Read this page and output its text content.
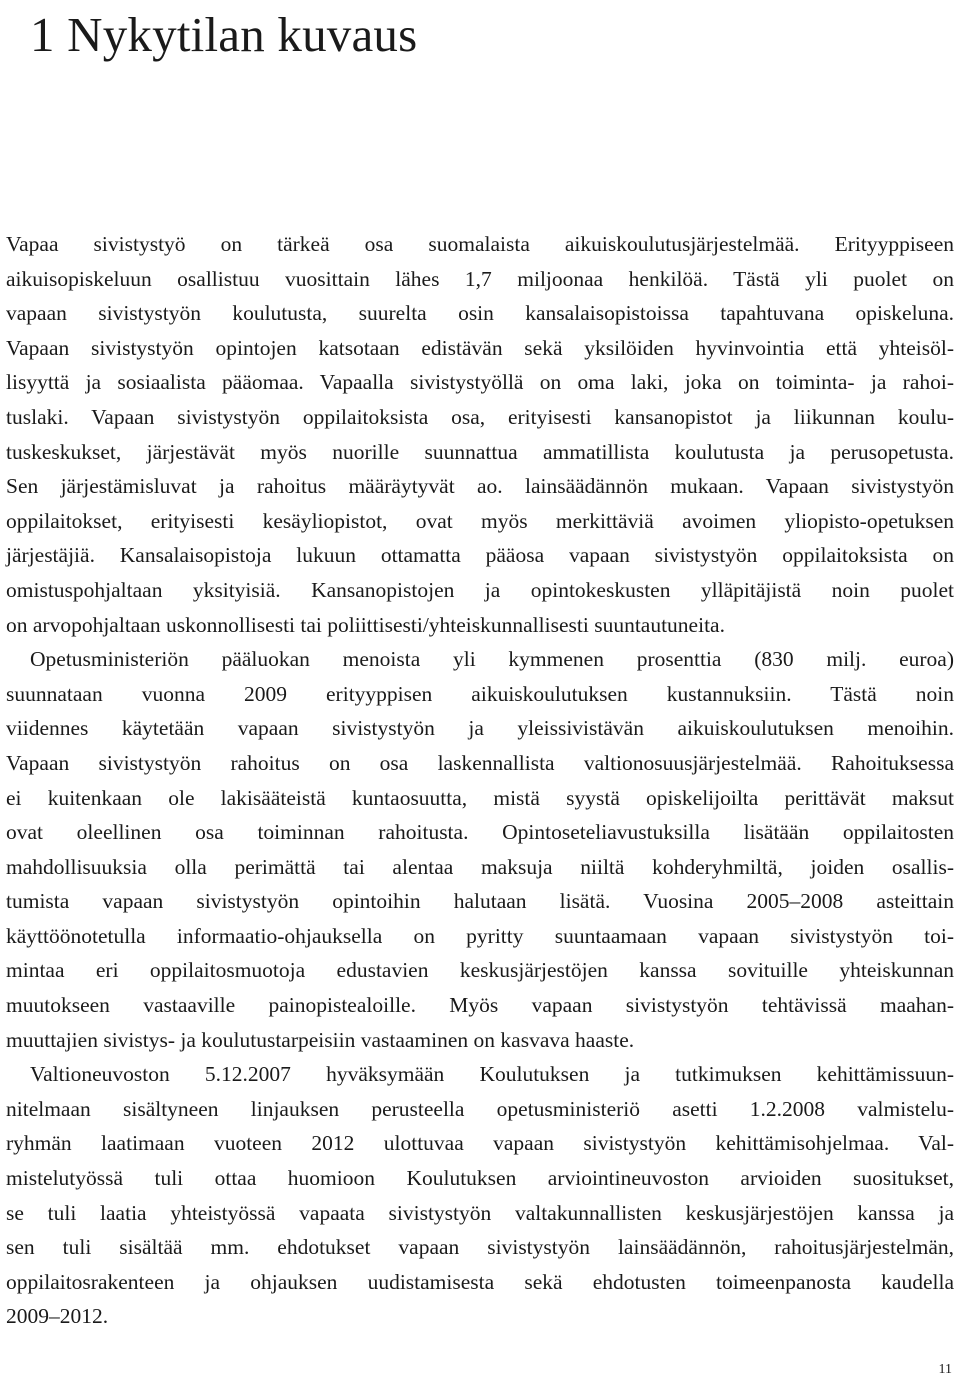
1 Nykytilan kuvaus
Vapaa sivistystyö on tärkeä osa suomalaista aikuiskoulutusjärjestelmää. Erityyppiseen
aikuisopiskeluun osallistuu vuosittain lähes 1,7 miljoonaa henkilöä. Tästä yli puolet on
vapaan sivistystyön koulutusta, suurelta osin kansalaisopistoissa tapahtuvana opiskeluna.
Vapaan sivistystyön opintojen katsotaan edistävän sekä yksilöiden hyvinvointia että yhteisöl-
lisyyttä ja sosiaalista pääomaa. Vapaalla sivistystyöllä on oma laki, joka on toiminta- ja rahoi-
tuslaki. Vapaan sivistystyön oppilaitoksista osa, erityisesti kansanopistot ja liikunnan koulu-
tuskeskukset, järjestävät myös nuorille suunnattua ammatillista koulutusta ja perusopetusta.
Sen järjestämisluvat ja rahoitus määräytyvät ao. lainsäädännön mukaan. Vapaan sivistystyön
oppilaitokset, erityisesti kesäyliopistot, ovat myös merkittäviä avoimen yliopisto-opetuksen
järjestäjiä. Kansalaisopistoja lukuun ottamatta pääosa vapaan sivistystyön oppilaitoksista on
omistuspohjaltaan yksityisiä. Kansanopistojen ja opintokeskusten ylläpitäjistä noin puolet
on arvopohjaltaan uskonnollisesti tai poliittisesti/yhteiskunnallisesti suuntautuneita.
Opetusministeriön pääluokan menoista yli kymmenen prosenttia (830 milj. euroa)
suunnataan vuonna 2009 erityyppisen aikuiskoulutuksen kustannuksiin. Tästä noin
viidennes käytetään vapaan sivistystyön ja yleissivistävän aikuiskoulutuksen menoihin.
Vapaan sivistystyön rahoitus on osa laskennallista valtionosuusjärjestelmää. Rahoituksessa
ei kuitenkaan ole lakisääteistä kuntaosuutta, mistä syystä opiskelijoilta perittävät maksut
ovat oleellinen osa toiminnan rahoitusta. Opintoseteliavustuksilla lisätään oppilaitosten
mahdollisuuksia olla perimättä tai alentaa maksuja niiltä kohderyhmiltä, joiden osallis-
tumista vapaan sivistystyön opintoihin halutaan lisätä. Vuosina 2005–2008 asteittain
käyttöönotetulla informaatio-ohjauksella on pyritty suuntaamaan vapaan sivistystyön toi-
mintaa eri oppilaitosmuotoja edustavien keskusjärjestöjen kanssa sovituille yhteiskunnan
muutokseen vastaaville painopistealoille. Myös vapaan sivistystyön tehtävissä maahan-
muuttajien sivistys- ja koulutustarpeisiin vastaaminen on kasvava haaste.
Valtioneuvoston 5.12.2007 hyväksymään Koulutuksen ja tutkimuksen kehittämissuun-
nitelmaan sisältyneen linjauksen perusteella opetusministeriö asetti 1.2.2008 valmistelu-
ryhmän laatimaan vuoteen 2012 ulottuvaa vapaan sivistystyön kehittämisohjelmaa. Val-
mistelutyössä tuli ottaa huomioon Koulutuksen arviointineuvoston arvioiden suositukset,
se tuli laatia yhteistyössä vapaata sivistystyön valtakunnallisten keskusjärjestöjen kanssa ja
sen tuli sisältää mm. ehdotukset vapaan sivistystyön lainsäädännön, rahoitusjärjestelmän,
oppilaitosrakenteen ja ohjauksen uudistamisesta sekä ehdotusten toimeenpanosta kaudella
2009–2012.
11
